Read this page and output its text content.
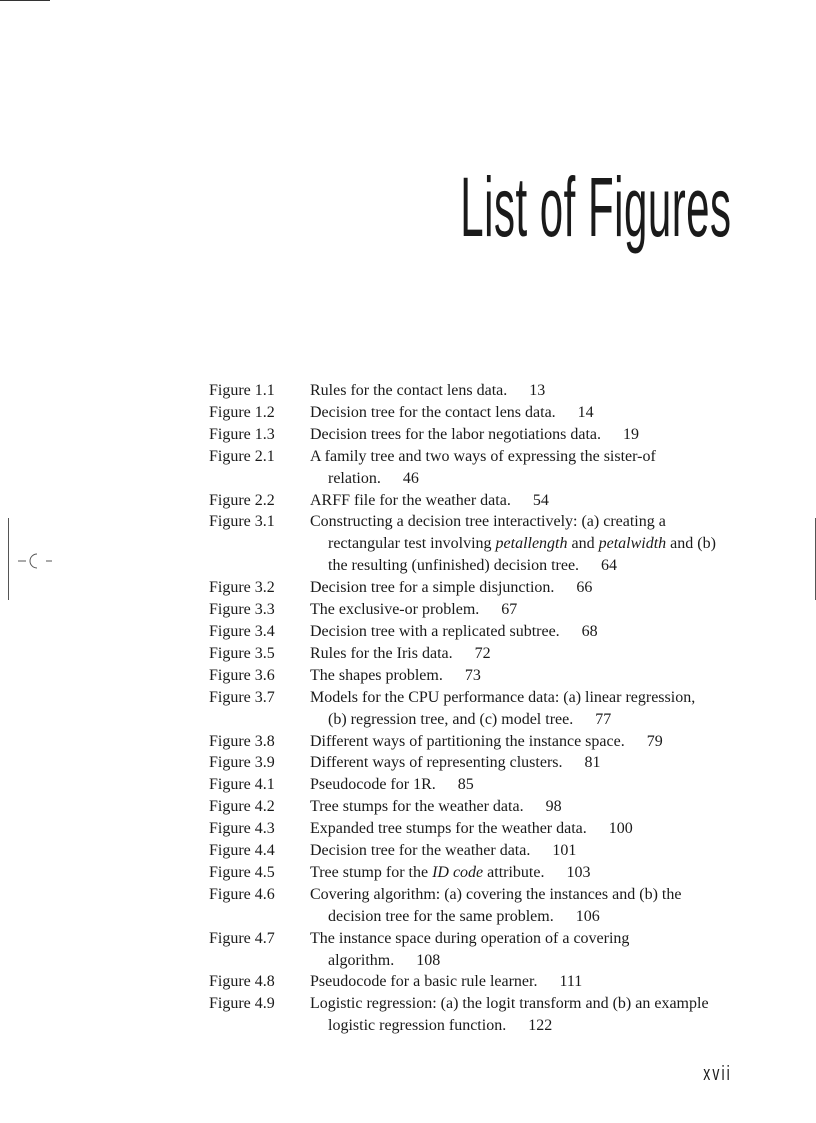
List of Figures
Figure 1.1	Rules for the contact lens data. 13
Figure 1.2	Decision tree for the contact lens data. 14
Figure 1.3	Decision trees for the labor negotiations data. 19
Figure 2.1	A family tree and two ways of expressing the sister-of
relation. 46
Figure 2.2	ARFF file for the weather data. 54
Figure 3.1	Constructing a decision tree interactively: (a) creating a
rectangular test involving petallength and petalwidth and (b)
the resulting (unfinished) decision tree. 64
Figure 3.2	Decision tree for a simple disjunction. 66
Figure 3.3	The exclusive-or problem. 67
Figure 3.4	Decision tree with a replicated subtree. 68
Figure 3.5	Rules for the Iris data. 72
Figure 3.6	The shapes problem. 73
Figure 3.7	Models for the CPU performance data: (a) linear regression,
(b) regression tree, and (c) model tree. 77
Figure 3.8	Different ways of partitioning the instance space. 79
Figure 3.9	Different ways of representing clusters. 81
Figure 4.1	Pseudocode for 1R. 85
Figure 4.2	Tree stumps for the weather data. 98
Figure 4.3	Expanded tree stumps for the weather data. 100
Figure 4.4	Decision tree for the weather data. 101
Figure 4.5	Tree stump for the ID code attribute. 103
Figure 4.6	Covering algorithm: (a) covering the instances and (b) the
decision tree for the same problem. 106
Figure 4.7	The instance space during operation of a covering
algorithm. 108
Figure 4.8	Pseudocode for a basic rule learner. 111
Figure 4.9	Logistic regression: (a) the logit transform and (b) an example
logistic regression function. 122
xvii
